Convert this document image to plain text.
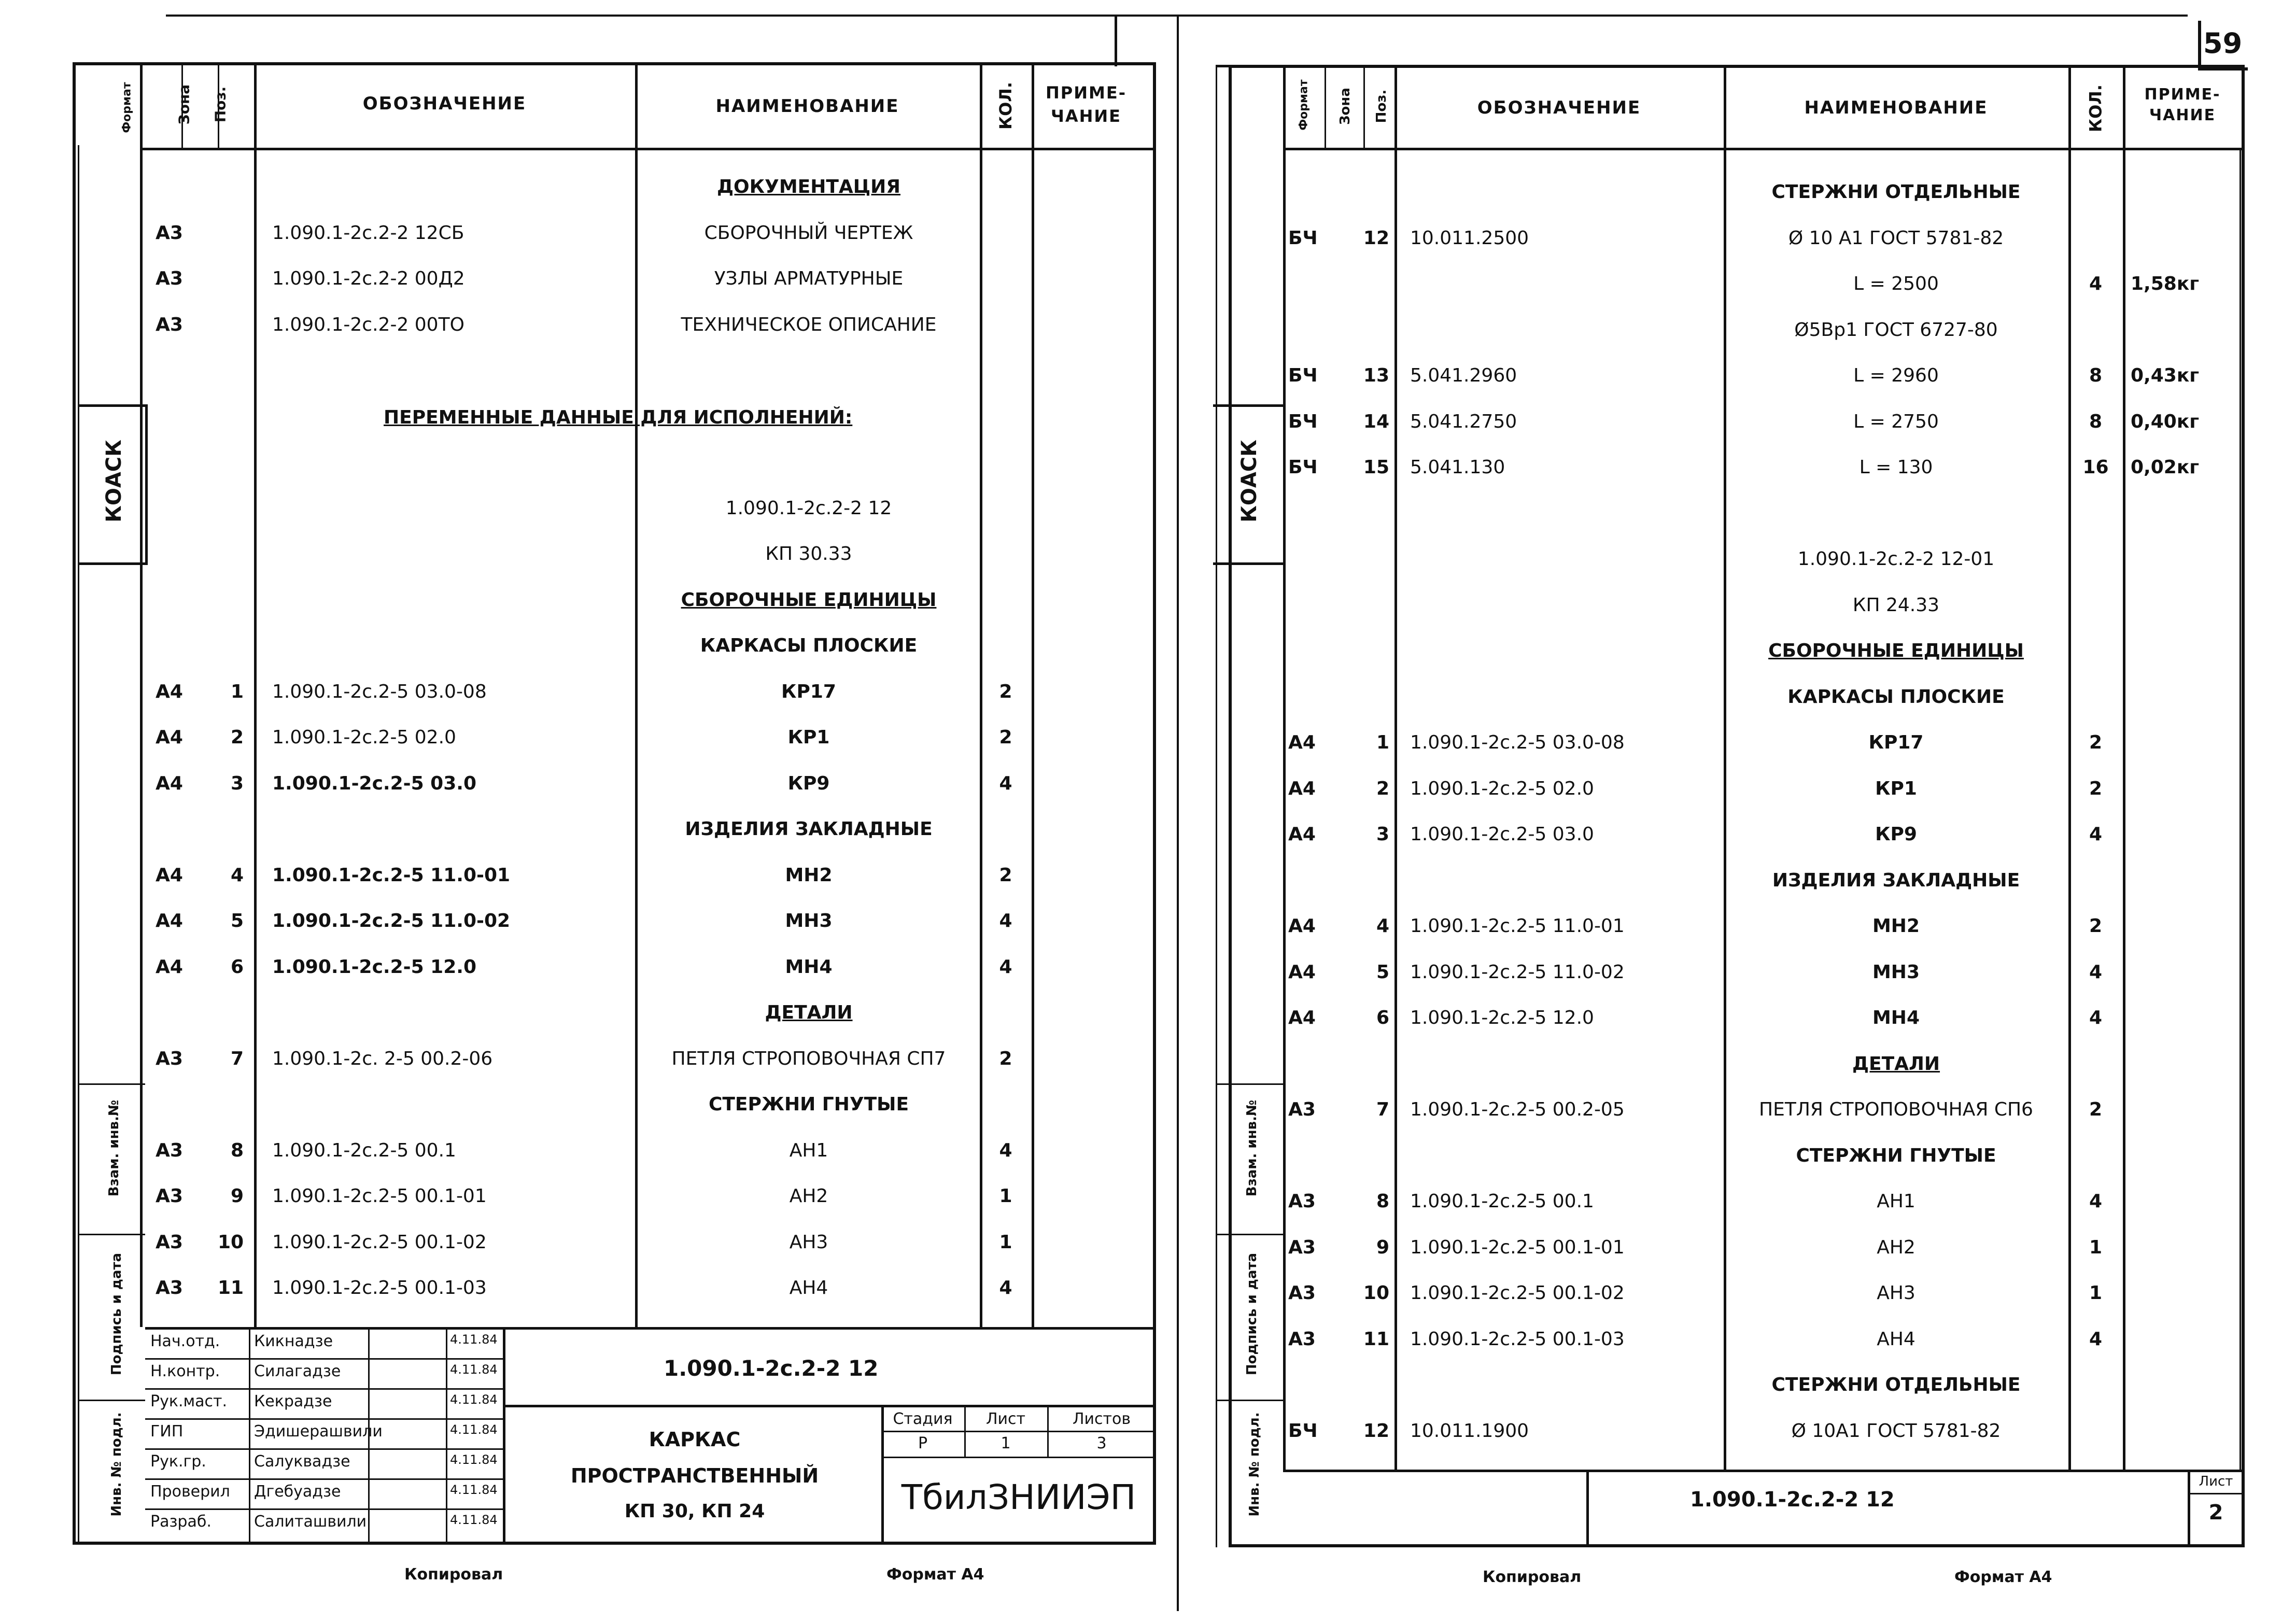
59
Формат	Зона Поз.	ОБОЗНАЧЕНИЕ	НАИМЕНОВАНИЕ	КОЛ.	ПРИМЕ-
ЧАНИЕ
КОАСК
Взам. инв.№
Подпись и дата
Инв. № подл.
ПЕРЕМЕННЫЕ ДАННЫЕ ДЛЯ ИСПОЛНЕНИЙ:
ДОКУМЕНТАЦИЯ
А3	1.090.1-2с.2-2 12СБ	СБОРОЧНЫЙ ЧЕРТЕЖ
А3	1.090.1-2с.2-2 00Д2	УЗЛЫ АРМАТУРНЫЕ
А3	1.090.1-2с.2-2 00ТО	ТЕХНИЧЕСКОЕ ОПИСАНИЕ
1.090.1-2с.2-2 12
КП 30.33
СБОРОЧНЫЕ ЕДИНИЦЫ
КАРКАСЫ ПЛОСКИЕ
А4	1 1.090.1-2с.2-5 03.0-08	КР17	2
А4	2 1.090.1-2с.2-5 02.0	КР1	2
А4	3 1.090.1-2с.2-5 03.0	КР9	4
ИЗДЕЛИЯ ЗАКЛАДНЫЕ
А4	4 1.090.1-2с.2-5 11.0-01	МН2	2
А4	5 1.090.1-2с.2-5 11.0-02	МН3	4
А4	6 1.090.1-2с.2-5 12.0	МН4	4
ДЕТАЛИ
А3	7 1.090.1-2с. 2-5 00.2-06	ПЕТЛЯ СТРОПОВОЧНАЯ СП7	2
СТЕРЖНИ ГНУТЫЕ
А3	8 1.090.1-2с.2-5 00.1	АН1	4
А3	9 1.090.1-2с.2-5 00.1-01	АН2	1
А3 10 1.090.1-2с.2-5 00.1-02	АН3	1
А3 11 1.090.1-2с.2-5 00.1-03	АН4	4
Нач.отд. Кикнадзе	4.11.84
Н.контр. Силагадзе	4.11.84
Рук.маст. Кекрадзе	4.11.84
ГИП	Эдишерашвили	4.11.84
Рук.гр.	Салуквадзе	4.11.84
Проверил Дгебуадзе	4.11.84
Разраб.	Салиташвили	4.11.84
1.090.1-2с.2-2 12
КАРКАС
ПРОСТРАНСТВЕННЫЙ
КП 30, КП 24
Стадия	Лист	Листов
Р	1	3
ТбилЗНИИЭП
Копировал	Формат А4
Формат Зона Поз.	ОБОЗНАЧЕНИЕ	НАИМЕНОВАНИЕ	КОЛ.	ПРИМЕ-
ЧАНИЕ
КОАСК
Взам. инв.№
Подпись и дата
Инв. № подл.
СТЕРЖНИ ОТДЕЛЬНЫЕ
БЧ	12 10.011.2500	Ø 10 А1 ГОСТ 5781-82
L = 2500	4	1,58кг
Ø5Вр1 ГОСТ 6727-80
БЧ	13 5.041.2960	L = 2960	8	0,43кг
БЧ	14 5.041.2750	L = 2750	8	0,40кг
БЧ	15 5.041.130	L = 130	16	0,02кг
1.090.1-2с.2-2 12-01
КП 24.33
СБОРОЧНЫЕ ЕДИНИЦЫ
КАРКАСЫ ПЛОСКИЕ
А4	1 1.090.1-2с.2-5 03.0-08	КР17	2
А4	2 1.090.1-2с.2-5 02.0	КР1	2
А4	3 1.090.1-2с.2-5 03.0	КР9	4
ИЗДЕЛИЯ ЗАКЛАДНЫЕ
А4	4 1.090.1-2с.2-5 11.0-01	МН2	2
А4	5 1.090.1-2с.2-5 11.0-02	МН3	4
А4	6 1.090.1-2с.2-5 12.0	МН4	4
ДЕТАЛИ
А3	7 1.090.1-2с.2-5 00.2-05	ПЕТЛЯ СТРОПОВОЧНАЯ СП6	2
СТЕРЖНИ ГНУТЫЕ
А3	8 1.090.1-2с.2-5 00.1	АН1	4
А3	9 1.090.1-2с.2-5 00.1-01	АН2	1
А3	10 1.090.1-2с.2-5 00.1-02	АН3	1
А3	11 1.090.1-2с.2-5 00.1-03	АН4	4
СТЕРЖНИ ОТДЕЛЬНЫЕ
БЧ	12 10.011.1900	Ø 10А1 ГОСТ 5781-82
1.090.1-2с.2-2 12
Лист
2
Копировал	Формат А4
